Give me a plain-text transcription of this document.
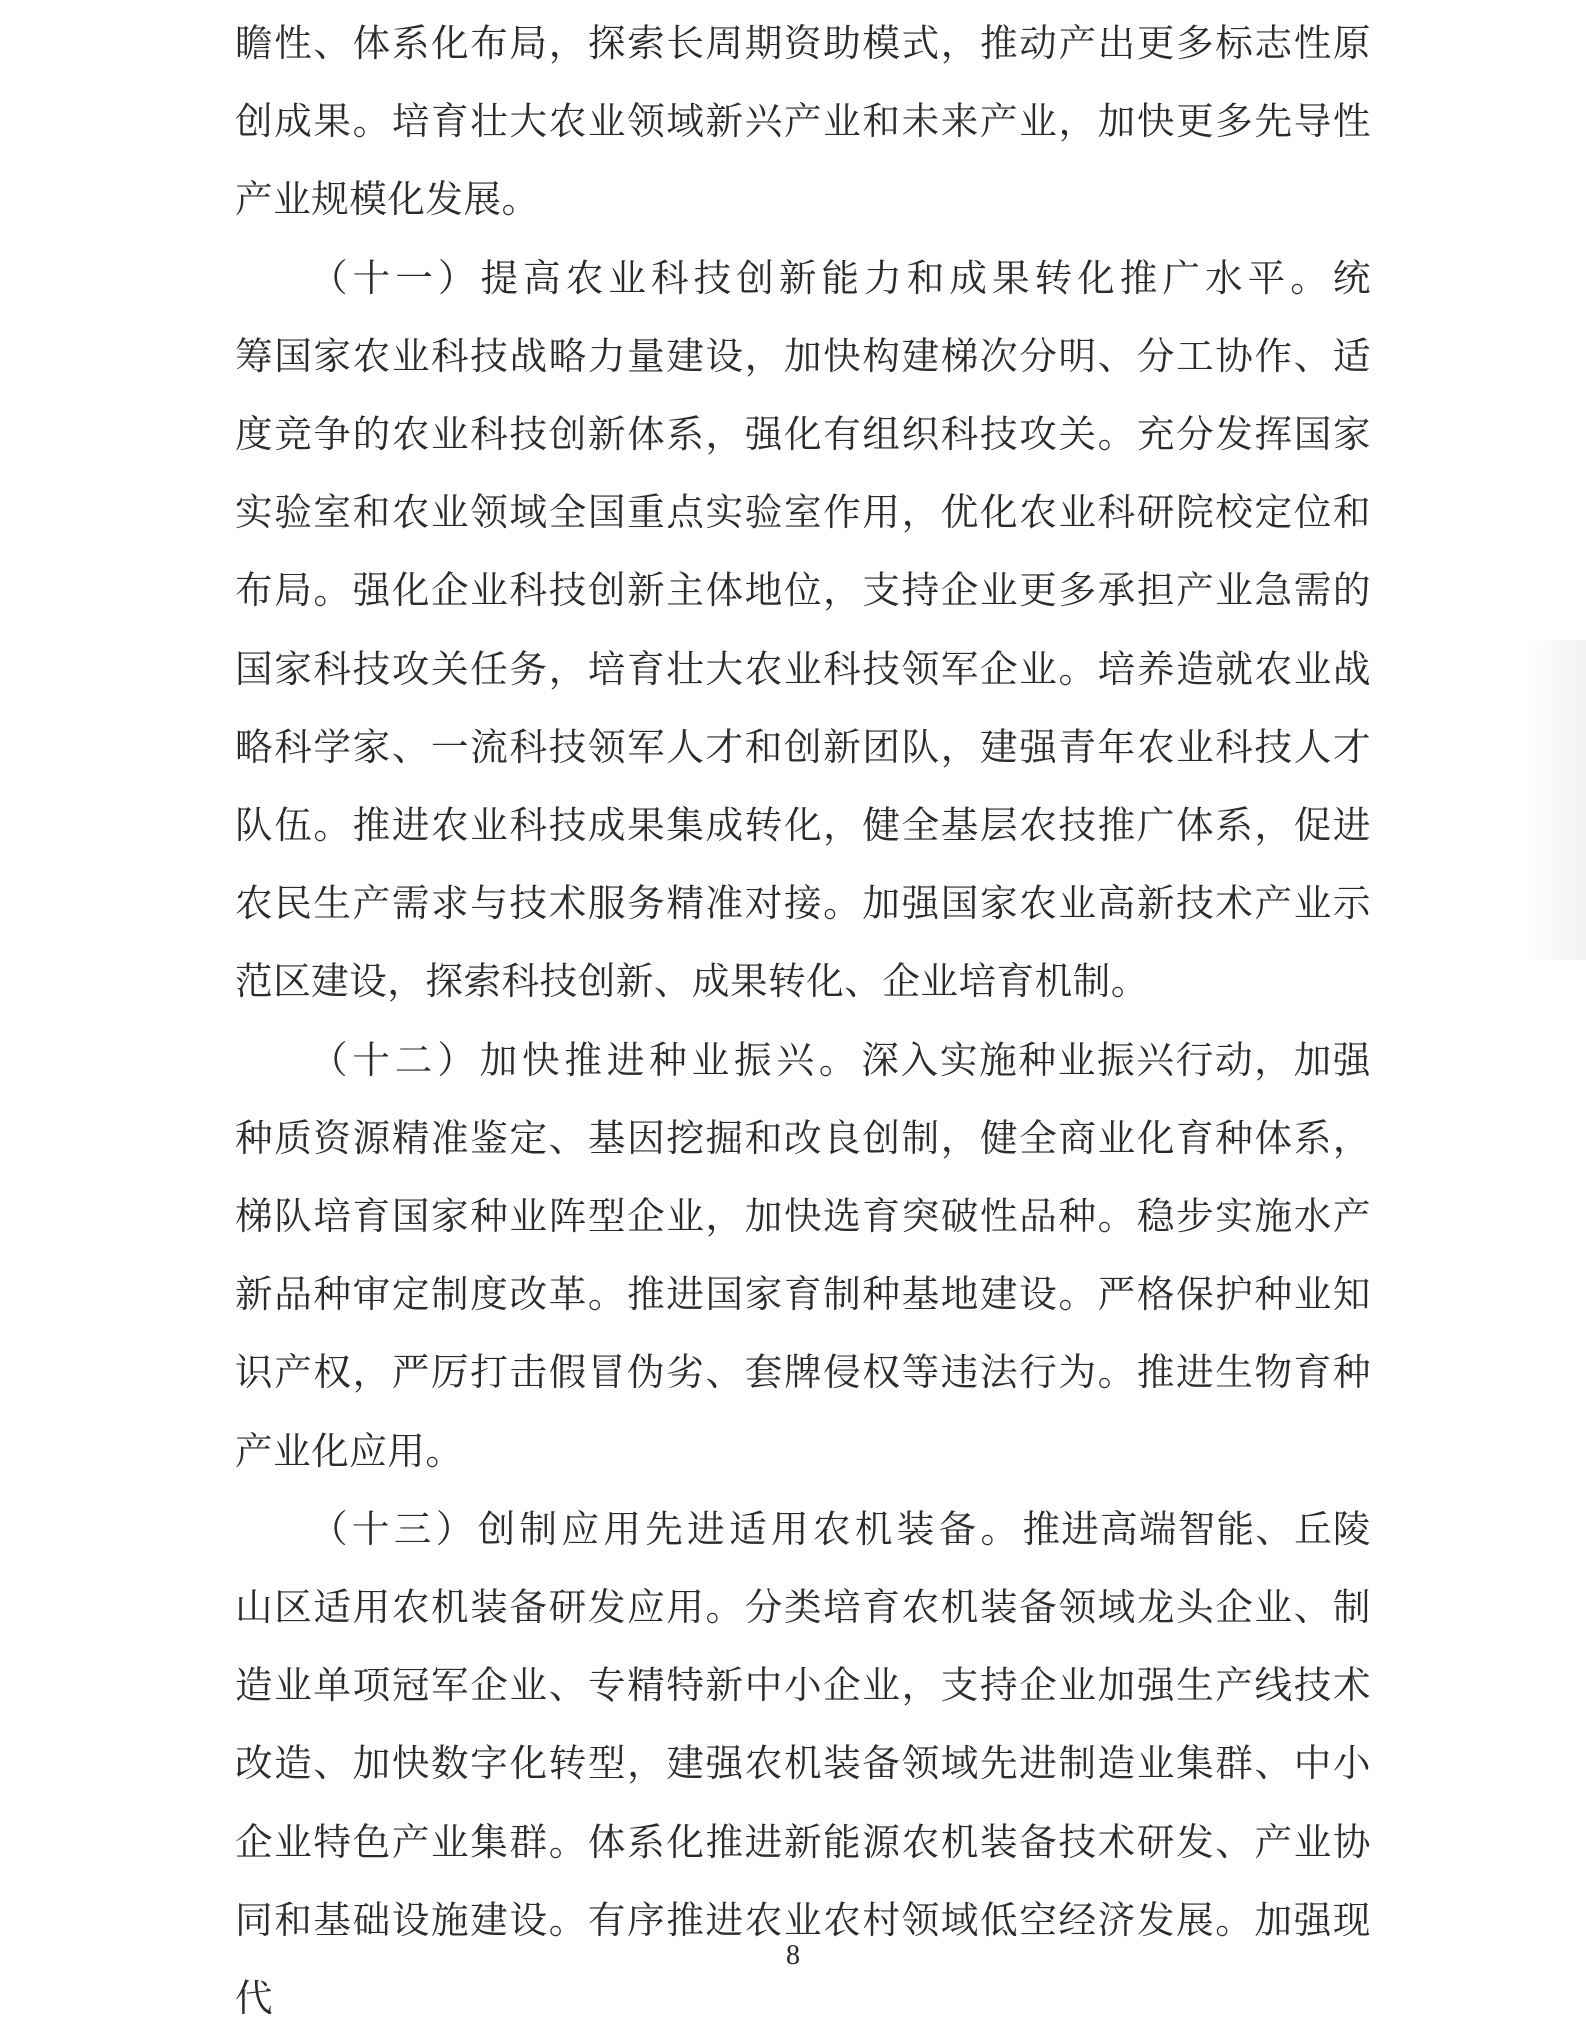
瞻性、体系化布局，探索长周期资助模式，推动产出更多标志性原创成果。培育壮大农业领域新兴产业和未来产业，加快更多先导性产业规模化发展。

（十一）提高农业科技创新能力和成果转化推广水平。统筹国家农业科技战略力量建设，加快构建梯次分明、分工协作、适度竞争的农业科技创新体系，强化有组织科技攻关。充分发挥国家实验室和农业领域全国重点实验室作用，优化农业科研院校定位和布局。强化企业科技创新主体地位，支持企业更多承担产业急需的国家科技攻关任务，培育壮大农业科技领军企业。培养造就农业战略科学家、一流科技领军人才和创新团队，建强青年农业科技人才队伍。推进农业科技成果集成转化，健全基层农技推广体系，促进农民生产需求与技术服务精准对接。加强国家农业高新技术产业示范区建设，探索科技创新、成果转化、企业培育机制。

（十二）加快推进种业振兴。深入实施种业振兴行动，加强种质资源精准鉴定、基因挖掘和改良创制，健全商业化育种体系，梯队培育国家种业阵型企业，加快选育突破性品种。稳步实施水产新品种审定制度改革。推进国家育制种基地建设。严格保护种业知识产权，严厉打击假冒伪劣、套牌侵权等违法行为。推进生物育种产业化应用。

（十三）创制应用先进适用农机装备。推进高端智能、丘陵山区适用农机装备研发应用。分类培育农机装备领域龙头企业、制造业单项冠军企业、专精特新中小企业，支持企业加强生产线技术改造、加快数字化转型，建强农机装备领域先进制造业集群、中小企业特色产业集群。体系化推进新能源农机装备技术研发、产业协同和基础设施建设。有序推进农业农村领域低空经济发展。加强现代

8
